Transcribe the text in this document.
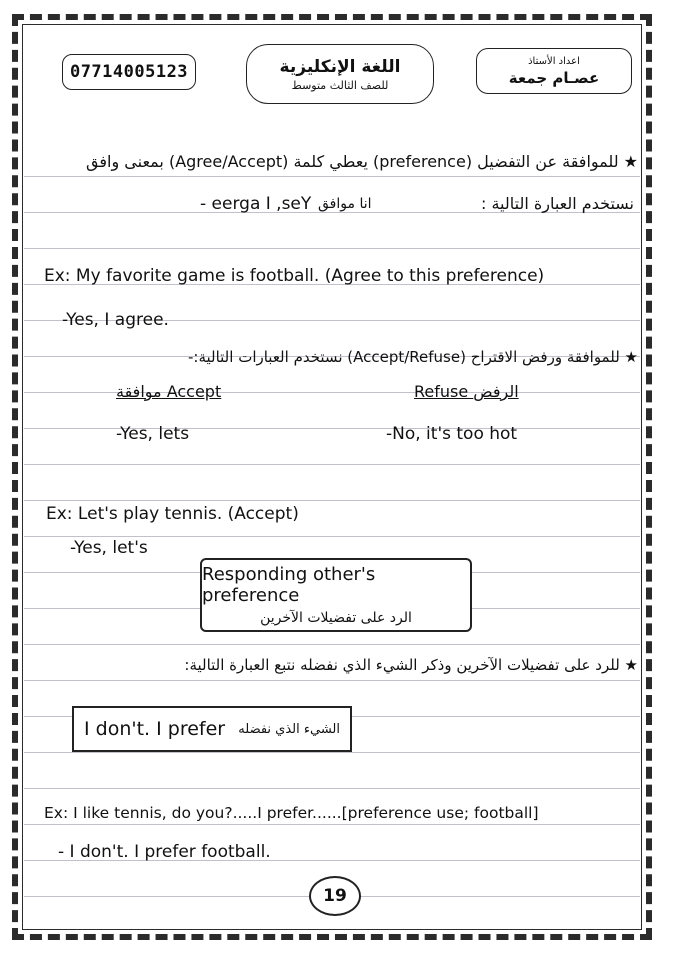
07714005123	اللغة الإنكليزية
للصف الثالث متوسط
اعداد الأستاذ
عصـام جمعة
★ للموافقة عن التفضيل (preference) يعطي كلمة (Agree/Accept) بمعنى وافق
نستخدم العبارة التالية :
انا موافق
Yes, I agree -
Ex: My favorite game is football. (Agree to this preference)
-Yes, I agree.
★ للموافقة ورفض الاقتراح (Accept/Refuse) نستخدم العبارات التالية:-
موافقة Accept	Refuse الرفض
-Yes, lets	-No, it's too hot
Ex: Let's play tennis. (Accept)
-Yes, let's
Responding other's preference
الرد على تفضيلات الآخرين
★ للرد على تفضيلات الآخرين وذكر الشيء الذي نفضله نتبع العبارة التالية:
I don't. I prefer الشيء الذي نفضله
Ex: I like tennis, do you?.....I prefer......[preference use; football]
- I don't. I prefer football.
19
